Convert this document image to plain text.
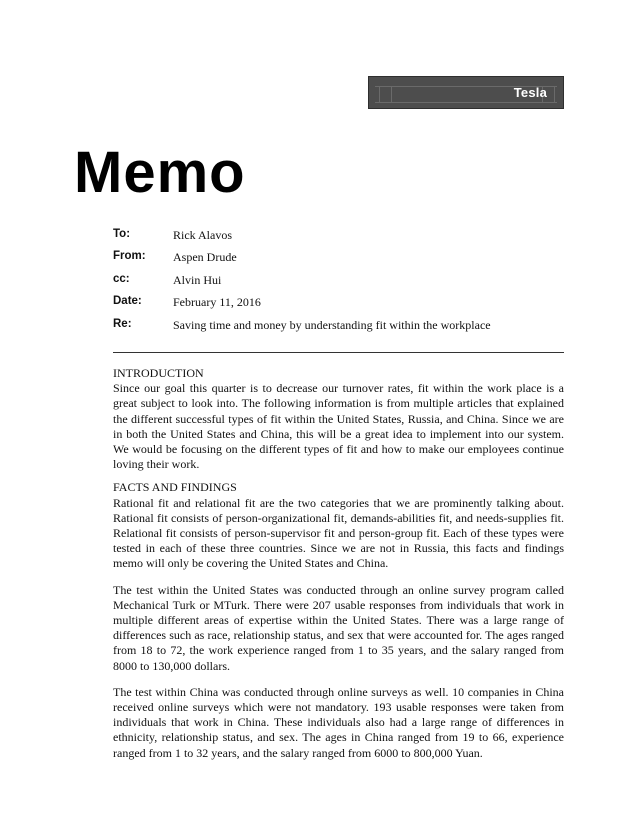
Tesla
Memo
To:	Rick Alavos
From: Aspen Drude
cc:	Alvin Hui
Date:	February 11, 2016
Re:	Saving time and money by understanding fit within the workplace

INTRODUCTION

Since our goal this quarter is to decrease our turnover rates, fit within the work place is a great subject to look into. The following information is from multiple articles that explained the different successful types of fit within the United States, Russia, and China. Since we are in both the United States and China, this will be a great idea to implement into our system. We would be focusing on the different types of fit and how to make our employees continue loving their work.

FACTS AND FINDINGS

Rational fit and relational fit are the two categories that we are prominently talking about. Rational fit consists of person-organizational fit, demands-abilities fit, and needs-supplies fit. Relational fit consists of person-supervisor fit and person-group fit. Each of these types were tested in each of these three countries. Since we are not in Russia, this facts and findings memo will only be covering the United States and China.

The test within the United States was conducted through an online survey program called Mechanical Turk or MTurk. There were 207 usable responses from individuals that work in multiple different areas of expertise within the United States. There was a large range of differences such as race, relationship status, and sex that were accounted for. The ages ranged from 18 to 72, the work experience ranged from 1 to 35 years, and the salary ranged from 8000 to 130,000 dollars.

The test within China was conducted through online surveys as well. 10 companies in China received online surveys which were not mandatory. 193 usable responses were taken from individuals that work in China. These individuals also had a large range of differences in ethnicity, relationship status, and sex. The ages in China ranged from 19 to 66, experience ranged from 1 to 32 years, and the salary ranged from 6000 to 800,000 Yuan.
